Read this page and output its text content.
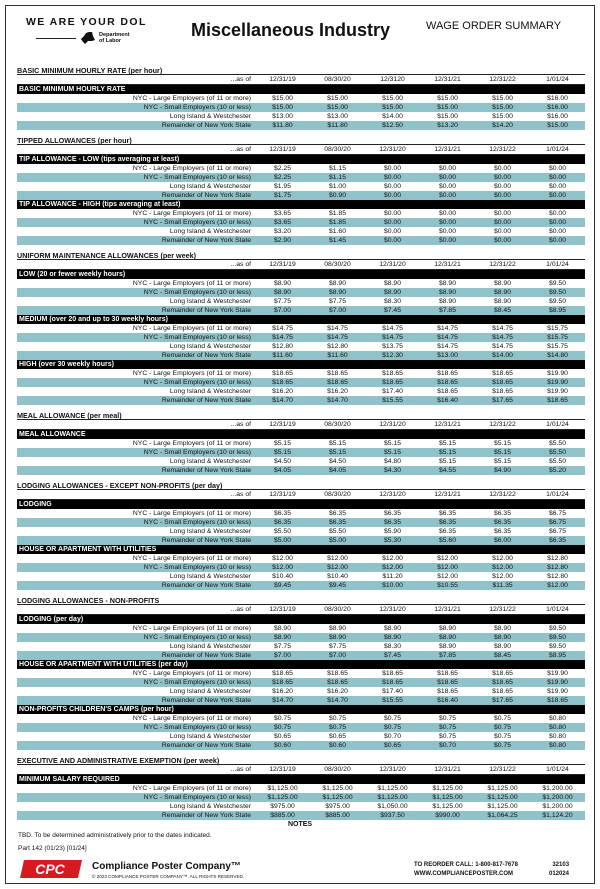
WE ARE YOUR DOL
Department
of Labor
Miscellaneous Industry	WAGE ORDER SUMMARY
BASIC MINIMUM HOURLY RATE (per hour)
...as of	12/31/19	08/30/20	12/3120	12/31/21	12/31/22	1/01/24
BASIC MINIMUM HOURLY RATE
NYC - Large Employers (of 11 or more)	$15.00	$15.00	$15.00	$15.00	$15.00	$16.00
NYC - Small Employers (10 or less)	$15.00	$15.00	$15.00	$15.00	$15.00	$16.00
Long Island & Westchester	$13.00	$13.00	$14.00	$15.00	$15.00	$16.00
Remainder of New York State	$11.80	$11.80	$12.50	$13.20	$14.20	$15.00
TIPPED ALLOWANCES (per hour)
...as of	12/31/19	08/30/20	12/31/20	12/31/21	12/31/22	1/01/24
TIP ALLOWANCE - LOW (tips averaging at least)
NYC - Large Employers (of 11 or more)	$2.25	$1.15	$0.00	$0.00	$0.00	$0.00
NYC - Small Employers (10 or less)	$2.25	$1.15	$0.00	$0.00	$0.00	$0.00
Long Island & Westchester	$1.95	$1.00	$0.00	$0.00	$0.00	$0.00
Remainder of New York State	$1.75	$0.90	$0.00	$0.00	$0.00	$0.00
TIP ALLOWANCE - HIGH (tips averaging at least)
NYC - Large Employers (of 11 or more)	$3.65	$1.85	$0.00	$0.00	$0.00	$0.00
NYC - Small Employers (10 or less)	$3.65	$1.85	$0.00	$0.00	$0.00	$0.00
Long Island & Westchester	$3.20	$1.60	$0.00	$0.00	$0.00	$0.00
Remainder of New York State	$2.90	$1.45	$0.00	$0.00	$0.00	$0.00
UNIFORM MAINTENANCE ALLOWANCES (per week)
...as of	12/31/19	08/30/20	12/31/20	12/31/21	12/31/22	1/01/24
LOW (20 or fewer weekly hours)
NYC - Large Employers (of 11 or more)	$8.90	$8.90	$8.90	$8.90	$8.90	$9.50
NYC - Small Employers (10 or less)	$8.90	$8.90	$8.90	$8.90	$8.90	$9.50
Long Island & Westchester	$7.75	$7.75	$8.30	$8.90	$8.90	$9.50
Remainder of New York State	$7.00	$7.00	$7.45	$7.85	$8.45	$8.95
MEDIUM (over 20 and up to 30 weekly hours)
NYC - Large Employers (of 11 or more)	$14.75	$14.75	$14.75	$14.75	$14.75	$15.75
NYC - Small Employers (10 or less)	$14.75	$14.75	$14.75	$14.75	$14.75	$15.75
Long Island & Westchester	$12.80	$12.80	$13.75	$14.75	$14.75	$15.75
Remainder of New York State	$11.60	$11.60	$12.30	$13.00	$14.00	$14.80
HIGH (over 30 weekly hours)
NYC - Large Employers (of 11 or more)	$18.65	$18.65	$18.65	$18.65	$18.65	$19.90
NYC - Small Employers (10 or less)	$18.65	$18.65	$18.65	$18.65	$18.65	$19.90
Long Island & Westchester	$16.20	$16.20	$17.40	$18.65	$18.65	$19.90
Remainder of New York State	$14.70	$14.70	$15.55	$16.40	$17.65	$18.65
MEAL ALLOWANCE (per meal)
...as of	12/31/19	08/30/20	12/31/20	12/31/21	12/31/22	1/01/24
MEAL ALLOWANCE
NYC - Large Employers (of 11 or more)	$5.15	$5.15	$5.15	$5.15	$5.15	$5.50
NYC - Small Employers (10 or less)	$5.15	$5.15	$5.15	$5.15	$5.15	$5.50
Long Island & Westchester	$4.50	$4.50	$4.80	$5.15	$5.15	$5.50
Remainder of New York State	$4.05	$4.05	$4.30	$4.55	$4.90	$5.20
LODGING ALLOWANCES - EXCEPT NON-PROFITS (per day)
...as of	12/31/19	08/30/20	12/31/20	12/31/21	12/31/22	1/01/24
LODGING
NYC - Large Employers (of 11 or more)	$6.35	$6.35	$6.35	$6.35	$6.35	$6.75
NYC - Small Employers (10 or less)	$6.35	$6.35	$6.35	$6.35	$6.35	$6.75
Long Island & Westchester	$5.50	$5.50	$5.90	$6.35	$6.35	$6.75
Remainder of New York State	$5.00	$5.00	$5.30	$5.60	$6.00	$6.35
HOUSE OR APARTMENT WITH UTILITIES
NYC - Large Employers (of 11 or more)	$12.00	$12.00	$12.00	$12.00	$12.00	$12.80
NYC - Small Employers (10 or less)	$12.00	$12.00	$12.00	$12.00	$12.00	$12.80
Long Island & Westchester	$10.40	$10.40	$11.20	$12.00	$12.00	$12.80
Remainder of New York State	$9.45	$9.45	$10.00	$10.55	$11.35	$12.00
LODGING ALLOWANCES - NON-PROFITS
...as of	12/31/19	08/30/20	12/31/20	12/31/21	12/31/22	1/01/24
LODGING (per day)
NYC - Large Employers (of 11 or more)	$8.90	$8.90	$8.90	$8.90	$8.90	$9.50
NYC - Small Employers (10 or less)	$8.90	$8.90	$8.90	$8.90	$8.90	$9.50
Long Island & Westchester	$7.75	$7.75	$8.30	$8.90	$8.90	$9.50
Remainder of New York State	$7.00	$7.00	$7.45	$7.85	$8.45	$8.95
HOUSE OR APARTMENT WITH UTILITIES (per day)
NYC - Large Employers (of 11 or more)	$18.65	$18.65	$18.65	$18.65	$18.65	$19.90
NYC - Small Employers (10 or less)	$18.65	$18.65	$18.65	$18.65	$18.65	$19.90
Long Island & Westchester	$16.20	$16.20	$17.40	$18.65	$18.65	$19.90
Remainder of New York State	$14.70	$14.70	$15.55	$16.40	$17.65	$18.65
NON-PROFITS CHILDREN'S CAMPS (per hour)
NYC - Large Employers (of 11 or more)	$0.75	$0.75	$0.75	$0.75	$0.75	$0.80
NYC - Small Employers (10 or less)	$0.75	$0.75	$0.75	$0.75	$0.75	$0.80
Long Island & Westchester	$0.65	$0.65	$0.70	$0.75	$0.75	$0.80
Remainder of New York State	$0.60	$0.60	$0.65	$0.70	$0.75	$0.80
EXECUTIVE AND ADMINISTRATIVE EXEMPTION (per week)
...as of	12/31/19	08/30/20	12/31/20	12/31/21	12/31/22	1/01/24
MINIMUM SALARY REQUIRED
NYC - Large Employers (of 11 or more)	$1,125.00	$1,125.00	$1,125.00	$1,125.00	$1,125.00	$1,200.00
NYC - Small Employers (10 or less)	$1,125.00	$1,125.00	$1,125.00	$1,125.00	$1,125.00	$1,200.00
Long Island & Westchester	$975.00	$975.00	$1,050.00	$1,125.00	$1,125.00	$1,200.00
Remainder of New York State	$885.00	$885.00	$937.50	$990.00	$1,064.25	$1,124.20
NOTES
TBD. To be determined administratively prior to the dates indicated.
Part 142 (01/23) [01/24]
CPC	Compliance Poster Company™
© 2023 COMPLIANCE POSTER COMPANY™. ALL RIGHTS RESERVED.
TO REORDER CALL: 1-800-817-7678
WWW.COMPLIANCEPOSTER.COM
32103
012024
